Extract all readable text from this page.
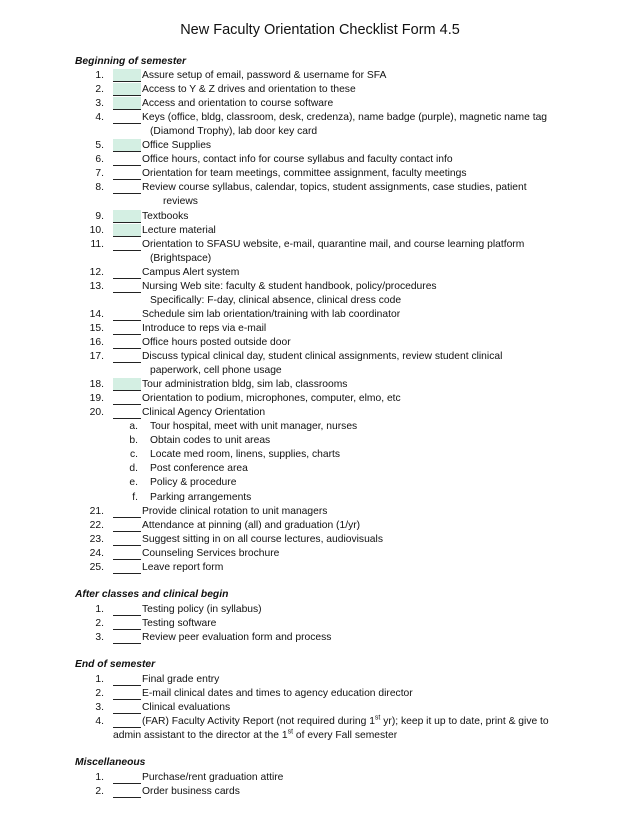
New Faculty Orientation Checklist Form 4.5
Beginning of semester
1.	Assure setup of email, password & username for SFA
2.	Access to Y & Z drives and orientation to these
3.	Access and orientation to course software
4.	Keys (office, bldg, classroom, desk, credenza), name badge (purple), magnetic name tag
(Diamond Trophy), lab door key card
5.	Office Supplies
6.	Office hours, contact info for course syllabus and faculty contact info
7.	Orientation for team meetings, committee assignment, faculty meetings
8.	Review course syllabus, calendar, topics, student assignments, case studies, patient
reviews
9.	Textbooks
10.	Lecture material
11.	Orientation to SFASU website, e-mail, quarantine mail, and course learning platform
(Brightspace)
12.	Campus Alert system
13.	Nursing Web site: faculty & student handbook, policy/procedures
Specifically: F-day, clinical absence, clinical dress code
14.	Schedule sim lab orientation/training with lab coordinator
15.	Introduce to reps via e-mail
16.	Office hours posted outside door
17.	Discuss typical clinical day, student clinical assignments, review student clinical
paperwork, cell phone usage
18.	Tour administration bldg, sim lab, classrooms
19.	Orientation to podium, microphones, computer, elmo, etc
20.	Clinical Agency Orientation
a. Tour hospital, meet with unit manager, nurses
b. Obtain codes to unit areas
c. Locate med room, linens, supplies, charts
d. Post conference area
e. Policy & procedure
f. Parking arrangements
21.	Provide clinical rotation to unit managers
22.	Attendance at pinning (all) and graduation (1/yr)
23.	Suggest sitting in on all course lectures, audiovisuals
24.	Counseling Services brochure
25.	Leave report form
After classes and clinical begin
1.	Testing policy (in syllabus)
2.	Testing software
3.	Review peer evaluation form and process
End of semester
1.	Final grade entry
2.	E-mail clinical dates and times to agency education director
3.	Clinical evaluations
4.	(FAR) Faculty Activity Report (not required during 1st yr); keep it up to date, print & give to
admin assistant to the director at the 1st of every Fall semester
Miscellaneous
1.	Purchase/rent graduation attire
2.	Order business cards
